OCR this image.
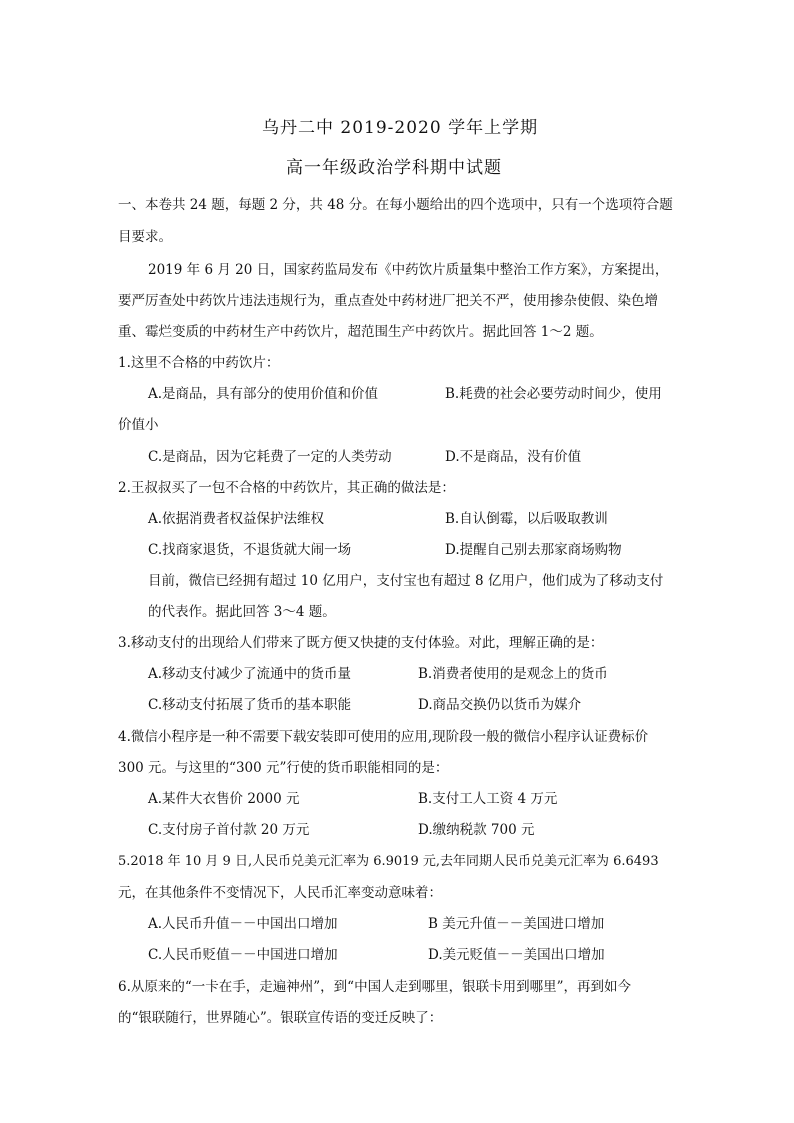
乌丹二中 2019-2020 学年上学期
高一年级政治学科期中试题
一、本卷共 24 题，每题 2 分，共 48 分。在每小题给出的四个选项中，只有一个选项符合题
目要求。
2019 年 6 月 20 日，国家药监局发布《中药饮片质量集中整治工作方案》，方案提出，
要严厉查处中药饮片违法违规行为，重点查处中药材进厂把关不严，使用掺杂使假、染色增
重、霉烂变质的中药材生产中药饮片，超范围生产中药饮片。据此回答 1～2 题。
1.这里不合格的中药饮片：
A.是商品，具有部分的使用价值和价值	B.耗费的社会必要劳动时间少，使用
价值小
C.是商品，因为它耗费了一定的人类劳动	D.不是商品，没有价值
2.王叔叔买了一包不合格的中药饮片，其正确的做法是：
A.依据消费者权益保护法维权	B.自认倒霉，以后吸取教训
C.找商家退货，不退货就大闹一场	D.提醒自己别去那家商场购物
目前，微信已经拥有超过 10 亿用户，支付宝也有超过 8 亿用户，他们成为了移动支付
的代表作。据此回答 3～4 题。
3.移动支付的出现给人们带来了既方便又快捷的支付体验。对此，理解正确的是：
A.移动支付减少了流通中的货币量	B.消费者使用的是观念上的货币
C.移动支付拓展了货币的基本职能	D.商品交换仍以货币为媒介
4.微信小程序是一种不需要下载安装即可使用的应用,现阶段一般的微信小程序认证费标价
300 元。与这里的“300 元”行使的货币职能相同的是：
A.某件大衣售价 2000 元	B.支付工人工资 4 万元
C.支付房子首付款 20 万元	D.缴纳税款 700 元
5.2018 年 10 月 9 日,人民币兑美元汇率为 6.9019 元,去年同期人民币兑美元汇率为 6.6493
元，在其他条件不变情况下，人民币汇率变动意味着：
A.人民币升值－－中国出口增加	B 美元升值－－美国进口增加
C.人民币贬值－－中国进口增加	D.美元贬值－－美国出口增加
6.从原来的“一卡在手，走遍神州”，到“中国人走到哪里，银联卡用到哪里”，再到如今
的“银联随行，世界随心”。银联宣传语的变迁反映了：
